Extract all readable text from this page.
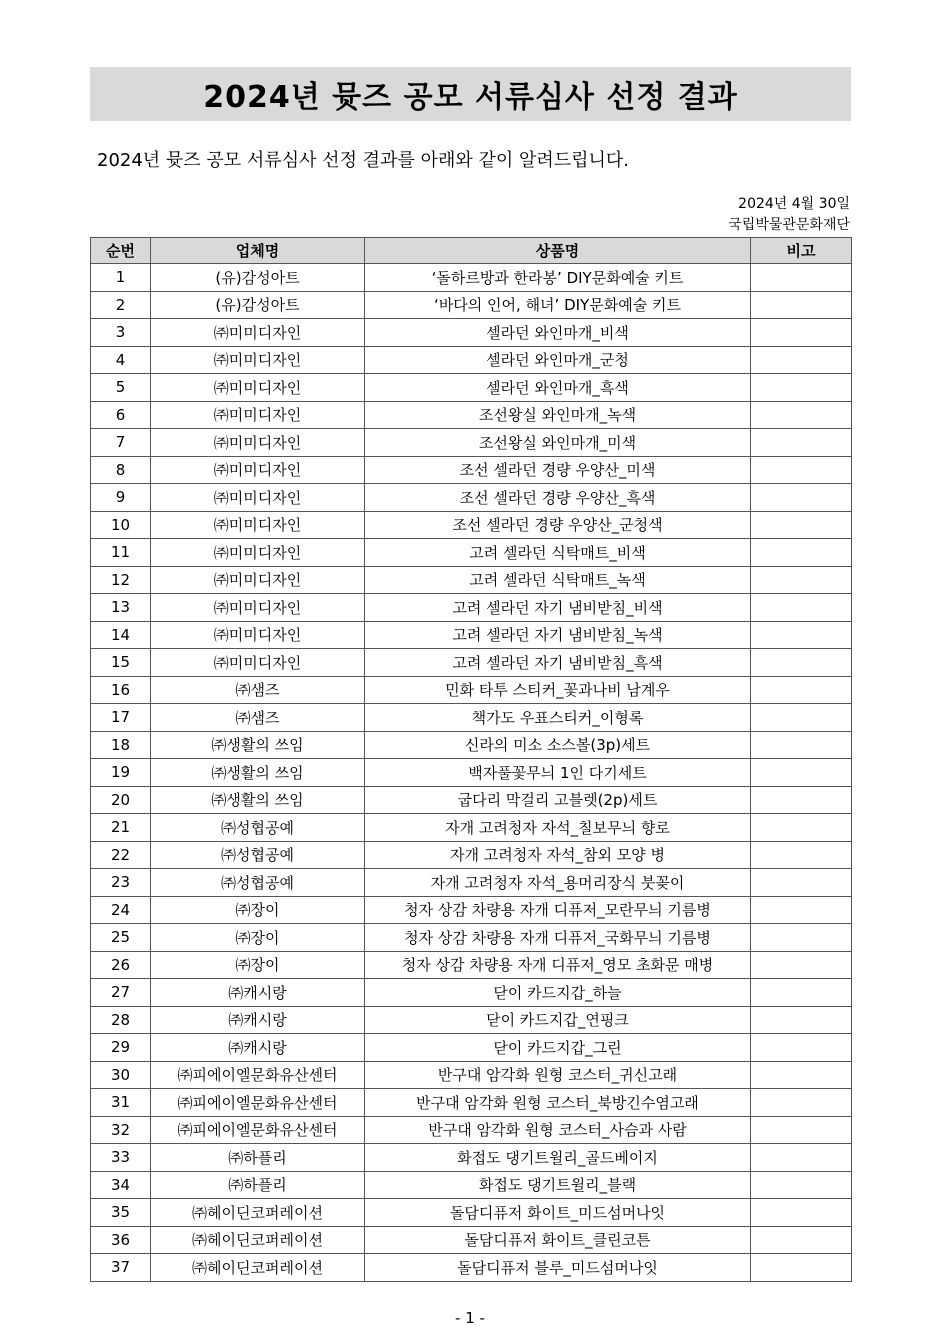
2024년 뮷즈 공모 서류심사 선정 결과

2024년 뮷즈 공모 서류심사 선정 결과를 아래와 같이 알려드립니다.

2024년 4월 30일
국립박물관문화재단
순번	업체명	상품명	비고
1	(유)감성아트	‘돌하르방과 한라봉’ DIY문화예술 키트	
2	(유)감성아트	‘바다의 인어, 해녀’ DIY문화예술 키트	
3	㈜미미디자인	셀라던 와인마개_비색	
4	㈜미미디자인	셀라던 와인마개_군청	
5	㈜미미디자인	셀라던 와인마개_흑색	
6	㈜미미디자인	조선왕실 와인마개_녹색	
7	㈜미미디자인	조선왕실 와인마개_미색	
8	㈜미미디자인	조선 셀라던 경량 우양산_미색	
9	㈜미미디자인	조선 셀라던 경량 우양산_흑색	
10	㈜미미디자인	조선 셀라던 경량 우양산_군청색	
11	㈜미미디자인	고려 셀라던 식탁매트_비색	
12	㈜미미디자인	고려 셀라던 식탁매트_녹색	
13	㈜미미디자인	고려 셀라던 자기 냄비받침_비색	
14	㈜미미디자인	고려 셀라던 자기 냄비받침_녹색	
15	㈜미미디자인	고려 셀라던 자기 냄비받침_흑색	
16	㈜샘즈	민화 타투 스티커_꽃과나비 남계우	
17	㈜샘즈	책가도 우표스티커_이형록	
18	㈜생활의 쓰임	신라의 미소 소스볼(3p)세트	
19	㈜생활의 쓰임	백자풀꽃무늬 1인 다기세트	
20	㈜생활의 쓰임	굽다리 막걸리 고블렛(2p)세트	
21	㈜성협공예	자개 고려청자 자석_칠보무늬 향로	
22	㈜성협공예	자개 고려청자 자석_참외 모양 병	
23	㈜성협공예	자개 고려청자 자석_용머리장식 붓꽂이	
24	㈜장이	청자 상감 차량용 자개 디퓨저_모란무늬 기름병	
25	㈜장이	청자 상감 차량용 자개 디퓨저_국화무늬 기름병	
26	㈜장이	청자 상감 차량용 자개 디퓨저_영모 초화문 매병	
27	㈜캐시랑	닫이 카드지갑_하늘	
28	㈜캐시랑	닫이 카드지갑_연핑크	
29	㈜캐시랑	닫이 카드지갑_그린	
30	㈜피에이엘문화유산센터	반구대 암각화 원형 코스터_귀신고래	
31	㈜피에이엘문화유산센터	반구대 암각화 원형 코스터_북방긴수염고래	
32	㈜피에이엘문화유산센터	반구대 암각화 원형 코스터_사슴과 사람	
33	㈜하플리	화접도 댕기트윌리_골드베이지	
34	㈜하플리	화접도 댕기트윌리_블랙	
35	㈜헤이딘코퍼레이션	돌담디퓨저 화이트_미드섬머나잇	
36	㈜헤이딘코퍼레이션	돌담디퓨저 화이트_클린코튼	
37	㈜헤이딘코퍼레이션	돌담디퓨저 블루_미드섬머나잇	
- 1 -
